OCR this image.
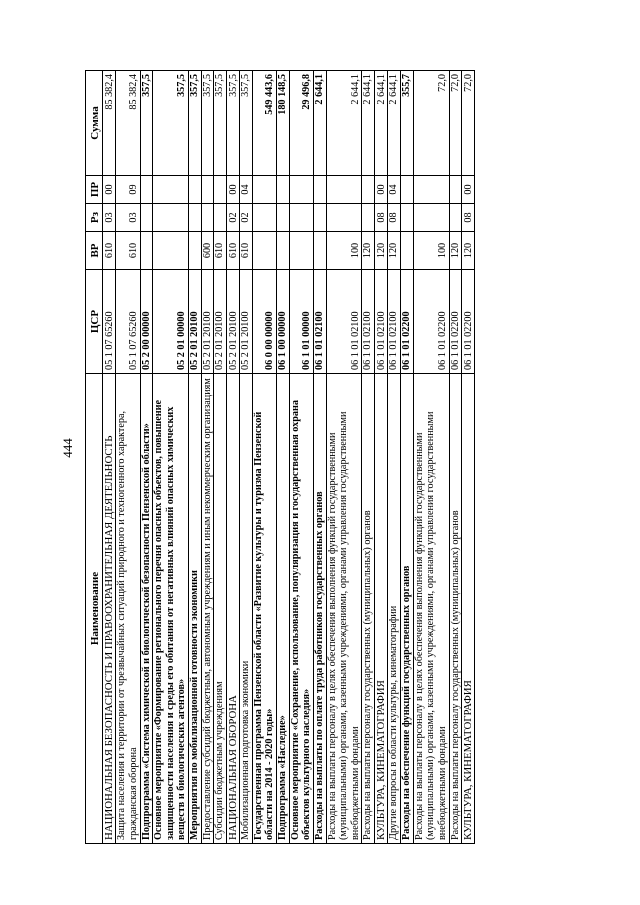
444
Наименование	ЦСР	ВР	Рз	ПР	Сумма
НАЦИОНАЛЬНАЯ БЕЗОПАСНОСТЬ И ПРАВООХРАНИТЕЛЬНАЯ ДЕЯТЕЛЬНОСТЬ	05 1 07 65260	610	03	00	85 382,4
Защита населения и территории от чрезвычайных ситуаций природного и техногенного характера, гражданская оборона	05 1 07 65260	610	03	09	85 382,4
Подпрограмма «Система химической и биологической безопасности Пензенской области»	05 2 00 00000				357,5
Основное мероприятие «Формирование регионального перечня опасных объектов, повышение защищенности населения и среды его обитания от негативных влияний опасных химических веществ и биологических агентов»	05 2 01 00000				357,5
Мероприятия по мобилизационной готовности экономики	05 2 01 20100				357,5
Предоставление субсидий бюджетным, автономным учреждениям и иным некоммерческим организациям	05 2 01 20100	600			357,5
Субсидии бюджетным учреждениям	05 2 01 20100	610			357,5
НАЦИОНАЛЬНАЯ ОБОРОНА	05 2 01 20100	610	02	00	357,5
Мобилизационная подготовка экономики	05 2 01 20100	610	02	04	357,5
Государственная программа Пензенской области «Развитие культуры и туризма Пензенской области на 2014 - 2020 годы»	06 0 00 00000				549 443,6
Подпрограмма «Наследие»	06 1 00 00000				180 148,5
Основное мероприятие «Сохранение, использование, популяризация и государственная охрана объектов культурного наследия»	06 1 01 00000				29 496,8
Расходы на выплаты по оплате труда работников государственных органов	06 1 01 02100				2 644,1
Расходы на выплаты персоналу в целях обеспечения выполнения функций государственными (муниципальными) органами, казенными учреждениями, органами управления государственными внебюджетными фондами	06 1 01 02100	100			2 644,1
Расходы на выплаты персоналу государственных (муниципальных) органов	06 1 01 02100	120			2 644,1
КУЛЬТУРА, КИНЕМАТОГРАФИЯ	06 1 01 02100	120	08	00	2 644,1
Другие вопросы в области культуры, кинематографии	06 1 01 02100	120	08	04	2 644,1
Расходы на обеспечение функций государственных органов	06 1 01 02200				355,7
Расходы на выплаты персоналу в целях обеспечения выполнения функций государственными (муниципальными) органами, казенными учреждениями, органами управления государственными внебюджетными фондами	06 1 01 02200	100			72,0
Расходы на выплаты персоналу государственных (муниципальных) органов	06 1 01 02200	120			72,0
КУЛЬТУРА, КИНЕМАТОГРАФИЯ	06 1 01 02200	120	08	00	72,0
